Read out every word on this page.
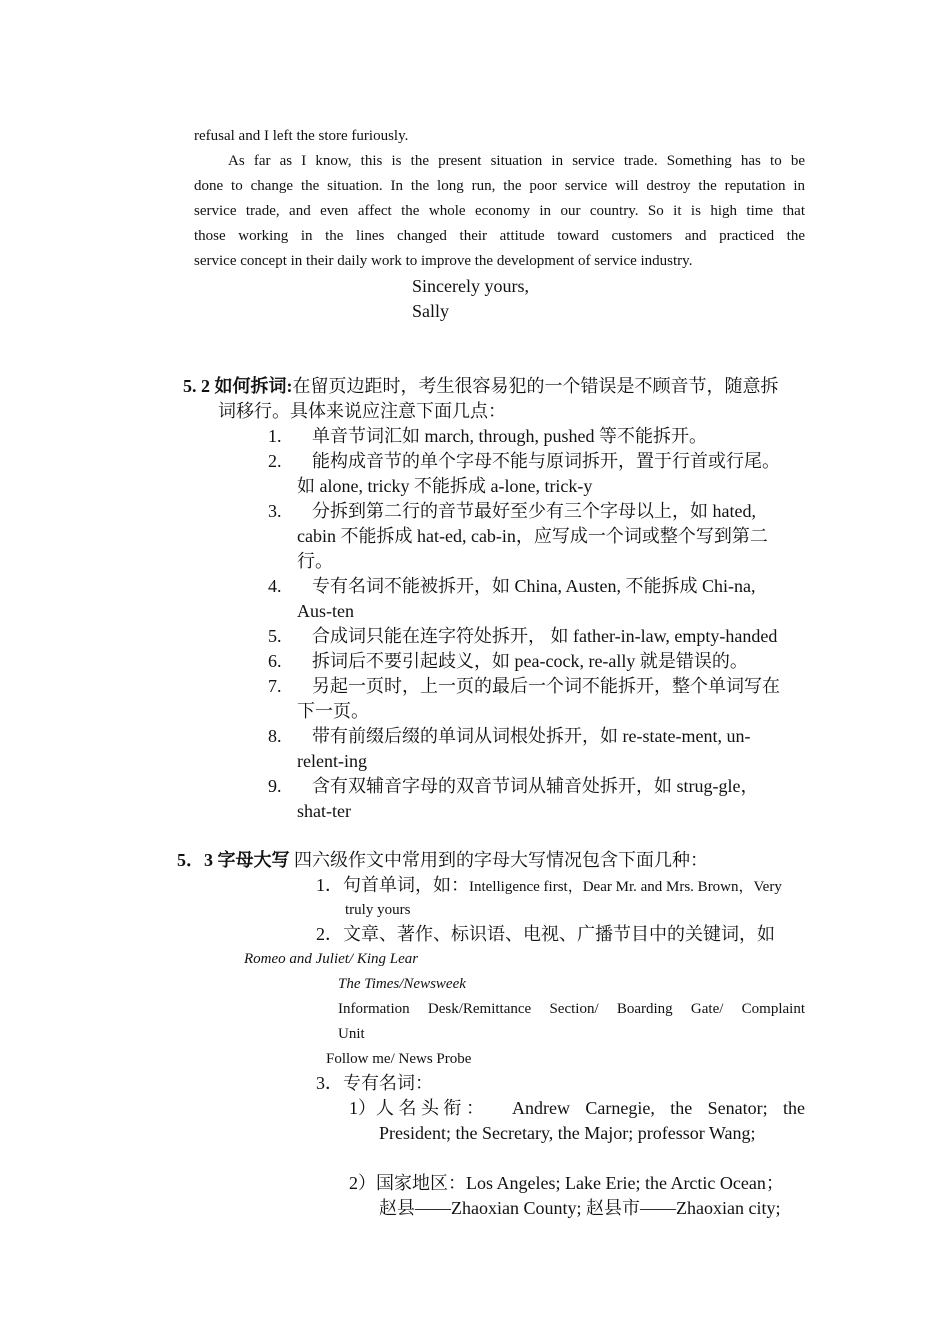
refusal and I left the store furiously.
As far as I know, this is the present situation in service trade. Something has to be
done to change the situation. In the long run, the poor service will destroy the reputation in
service trade, and even affect the whole economy in our country. So it is high time that
those working in the lines changed their attitude toward customers and practiced the
service concept in their daily work to improve the development of service industry.
Sincerely yours,
Sally
5. 2 如何拆词:在留页边距时，考生很容易犯的一个错误是不顾音节，随意拆
词移行。具体来说应注意下面几点：
1. 单音节词汇如 march, through, pushed 等不能拆开。
2. 能构成音节的单个字母不能与原词拆开，置于行首或行尾。
如 alone, tricky 不能拆成 a-lone, trick-y
3. 分拆到第二行的音节最好至少有三个字母以上，如 hated,
cabin 不能拆成 hat-ed, cab-in，应写成一个词或整个写到第二
行。
4. 专有名词不能被拆开，如 China, Austen, 不能拆成 Chi-na,
Aus-ten
5. 合成词只能在连字符处拆开， 如 father-in-law, empty-handed
6. 拆词后不要引起歧义，如 pea-cock, re-ally 就是错误的。
7. 另起一页时，上一页的最后一个词不能拆开，整个单词写在
下一页。
8. 带有前缀后缀的单词从词根处拆开，如 re-state-ment, un-
relent-ing
9. 含有双辅音字母的双音节词从辅音处拆开，如 strug-gle，
shat-ter
5．3 字母大写 四六级作文中常用到的字母大写情况包含下面几种：
1．句首单词，如：Intelligence first，Dear Mr. and Mrs. Brown，Very
truly yours
2．文章、著作、标识语、电视、广播节目中的关键词，如
Romeo and Juliet/ King Lear
The Times/Newsweek
Information Desk/Remittance Section/ Boarding Gate/ Complaint
Unit
Follow me/ News Probe
3．专有名词：
1）人 名 头 衔 ： Andrew Carnegie, the Senator; the
President; the Secretary, the Major; professor Wang;
2）国家地区：Los Angeles; Lake Erie; the Arctic Ocean；
赵县——Zhaoxian County; 赵县市——Zhaoxian city;
